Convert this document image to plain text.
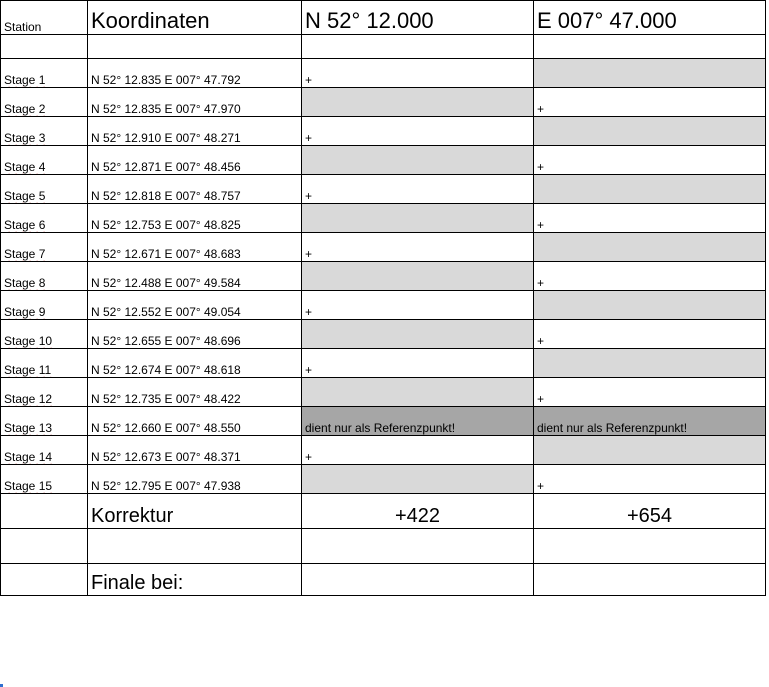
Station	Koordinaten	N 52° 12.000	E 007° 47.000

Stage 1	N 52° 12.835 E 007° 47.792	+	
Stage 2	N 52° 12.835 E 007° 47.970		+
Stage 3	N 52° 12.910 E 007° 48.271	+	
Stage 4	N 52° 12.871 E 007° 48.456		+
Stage 5	N 52° 12.818 E 007° 48.757	+	
Stage 6	N 52° 12.753 E 007° 48.825		+
Stage 7	N 52° 12.671 E 007° 48.683	+	
Stage 8	N 52° 12.488 E 007° 49.584		+
Stage 9	N 52° 12.552 E 007° 49.054	+	
Stage 10	N 52° 12.655 E 007° 48.696		+
Stage 11	N 52° 12.674 E 007° 48.618	+	
Stage 12	N 52° 12.735 E 007° 48.422		+
Stage 13	N 52° 12.660 E 007° 48.550	dient nur als Referenzpunkt!	dient nur als Referenzpunkt!
Stage 14	N 52° 12.673 E 007° 48.371	+	
Stage 15	N 52° 12.795 E 007° 47.938		+
	Korrektur	+422	+654

	Finale bei:		
